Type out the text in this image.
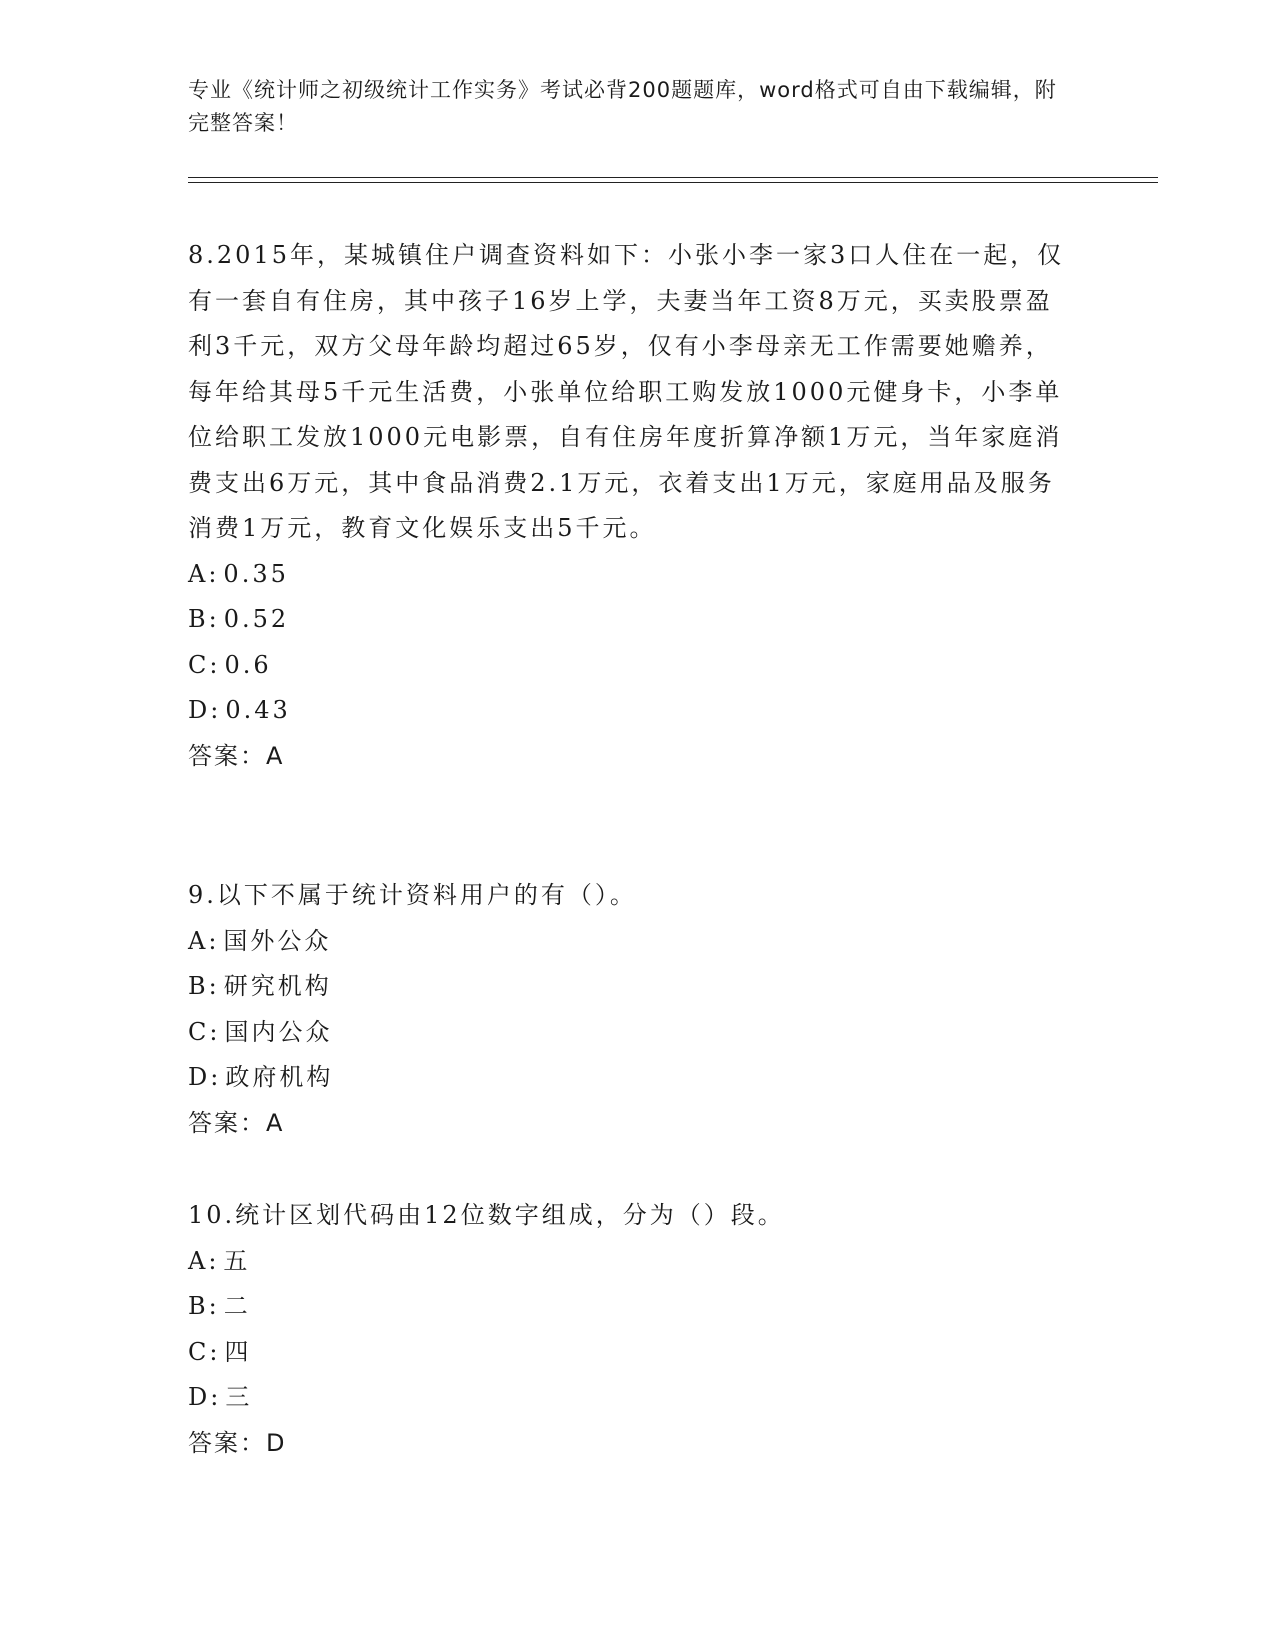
专业《统计师之初级统计工作实务》考试必背200题题库，word格式可自由下载编辑，附完整答案！

8.2015年，某城镇住户调查资料如下：小张小李一家3口人住在一起，仅有一套自有住房，其中孩子16岁上学，夫妻当年工资8万元，买卖股票盈利3千元，双方父母年龄均超过65岁，仅有小李母亲无工作需要她赡养，每年给其母5千元生活费，小张单位给职工购发放1000元健身卡，小李单位给职工发放1000元电影票，自有住房年度折算净额1万元，当年家庭消费支出6万元，其中食品消费2.1万元，衣着支出1万元，家庭用品及服务消费1万元，教育文化娱乐支出5千元。

A: 0.35

B: 0.52

C: 0.6

D: 0.43

答案：A

9.以下不属于统计资料用户的有（）。

A: 国外公众

B: 研究机构

C: 国内公众

D: 政府机构

答案：A

10.统计区划代码由12位数字组成，分为（）段。

A: 五

B: 二

C: 四

D: 三

答案：D
